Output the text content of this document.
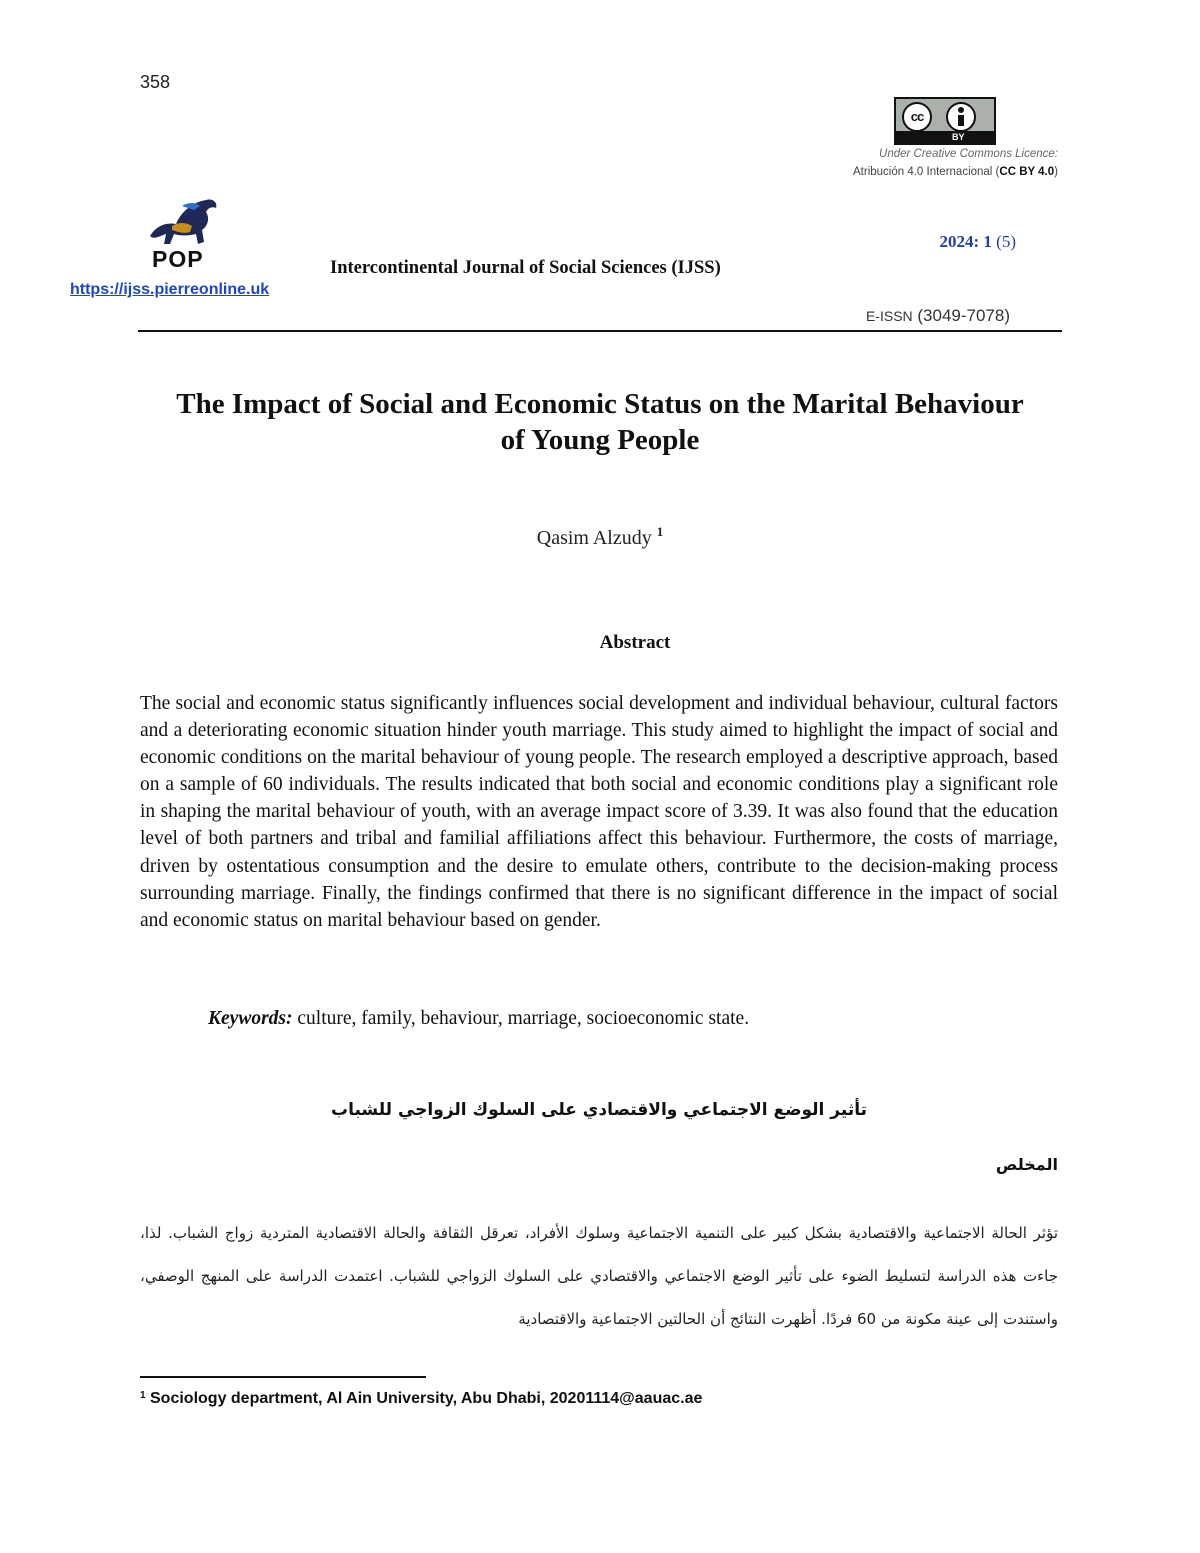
358
cc
BY
Under Creative Commons Licence:
Atribución 4.0 Internacional (CC BY 4.0)
POP
https://ijss.pierreonline.uk
Intercontinental Journal of Social Sciences (IJSS)
2024: 1 (5)
E-ISSN (3049-7078)
The Impact of Social and Economic Status on the Marital Behaviour
of Young People
Qasim Alzudy $^1$
Abstract
The social and economic status significantly influences social development and individual behaviour, cultural factors and a deteriorating economic situation hinder youth marriage. This study aimed to highlight the impact of social and economic conditions on the marital behaviour of young people. The research employed a descriptive approach, based on a sample of 60 individuals. The results indicated that both social and economic conditions play a significant role in shaping the marital behaviour of youth, with an average impact score of 3.39. It was also found that the education level of both partners and tribal and familial affiliations affect this behaviour. Furthermore, the costs of marriage, driven by ostentatious consumption and the desire to emulate others, contribute to the decision-making process surrounding marriage. Finally, the findings confirmed that there is no significant difference in the impact of social and economic status on marital behaviour based on gender.
Keywords: culture, family, behaviour, marriage, socioeconomic state.
تأثير الوضع الاجتماعي والاقتصادي على السلوك الزواجي للشباب
المخلص
تؤثر الحالة الاجتماعية والاقتصادية بشكل كبير على التنمية الاجتماعية وسلوك الأفراد، تعرقل الثقافة والحالة الاقتصادية المتردية زواج الشباب. لذا، جاءت هذه الدراسة لتسليط الضوء على تأثير الوضع الاجتماعي والاقتصادي على السلوك الزواجي للشباب. اعتمدت الدراسة على المنهج الوصفي، واستندت إلى عينة مكونة من 60 فردًا. أظهرت النتائج أن الحالتين الاجتماعية والاقتصادية
$^1$ Sociology department, Al Ain University, Abu Dhabi, 20201114@aauac.ae
